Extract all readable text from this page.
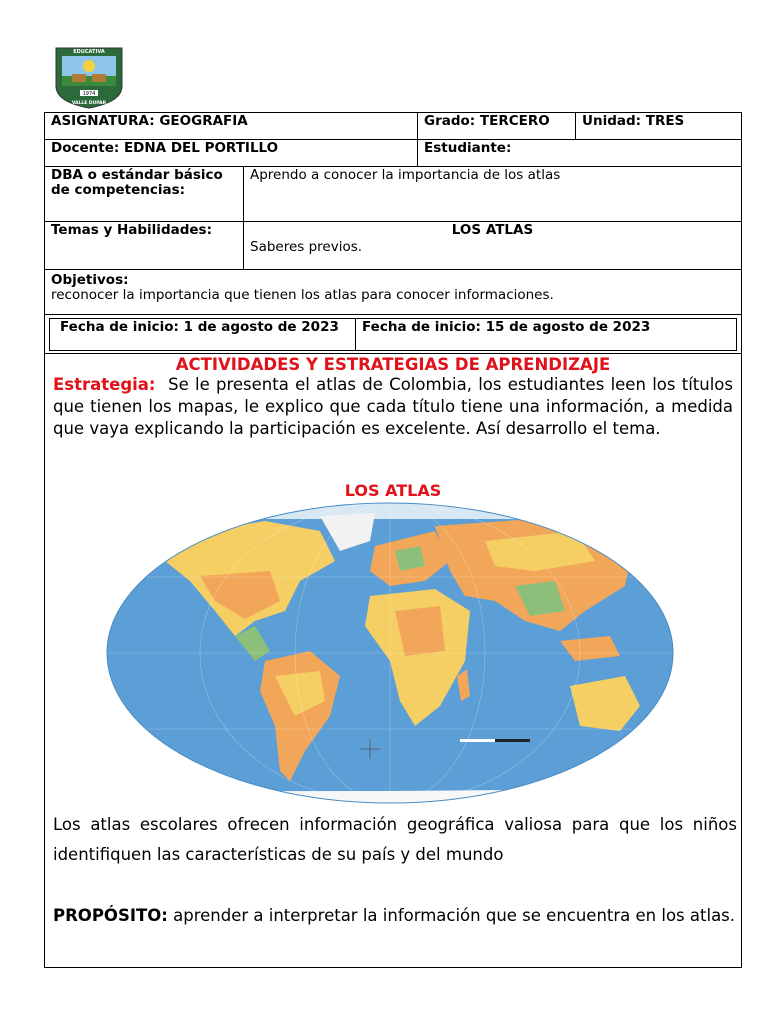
1974
EDUCATIVA
VALLE DUPAR
ASIGNATURA: GEOGRAFIA	Grado: TERCERO	Unidad: TRES
Docente: EDNA DEL PORTILLO	Estudiante:
DBA o estándar básico de competencias:
Aprendo a conocer la importancia de los atlas
Temas y Habilidades:	LOS ATLAS
Saberes previos.
Objetivos:
reconocer la importancia que tienen los atlas para conocer informaciones.
Fecha de inicio: 1 de agosto de 2023	Fecha de inicio: 15 de agosto de 2023
ACTIVIDADES Y ESTRATEGIAS DE APRENDIZAJE
Estrategia: Se le presenta el atlas de Colombia, los estudiantes leen los títulos que tienen los mapas, le explico que cada título tiene una información, a medida que vaya explicando la participación es excelente. Así desarrollo el tema.
LOS ATLAS
Los atlas escolares ofrecen información geográfica valiosa para que los niños identifiquen las características de su país y del mundo
PROPÓSITO: aprender a interpretar la información que se encuentra en los atlas.
